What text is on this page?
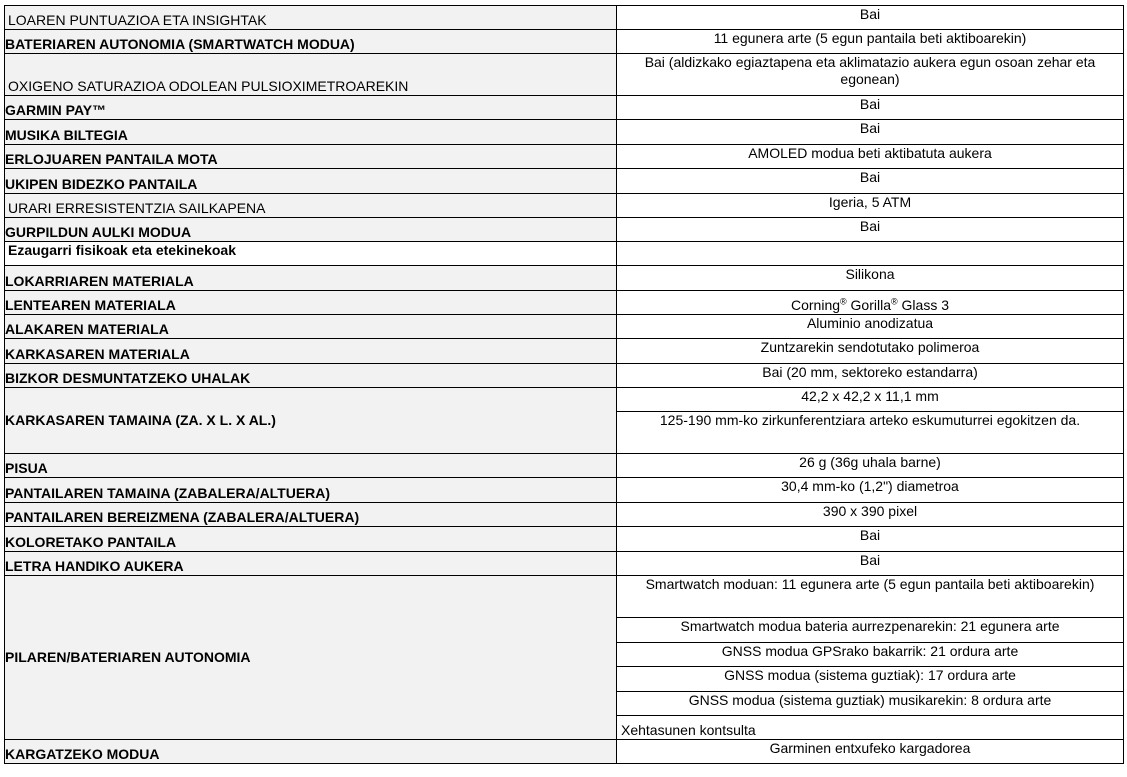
LOAREN PUNTUAZIOA ETA INSIGHTAK	Bai
BATERIAREN AUTONOMIA (SMARTWATCH MODUA)	11 egunera arte (5 egun pantaila beti aktiboarekin)
OXIGENO SATURAZIOA ODOLEAN PULSIOXIMETROAREKIN	Bai (aldizkako egiaztapena eta aklimatazio aukera egun osoan zehar eta egonean)
GARMIN PAY™	Bai
MUSIKA BILTEGIA	Bai
ERLOJUAREN PANTAILA MOTA	AMOLED modua beti aktibatuta aukera
UKIPEN BIDEZKO PANTAILA	Bai
URARI ERRESISTENTZIA SAILKAPENA	Igeria, 5 ATM
GURPILDUN AULKI MODUA	Bai
Ezaugarri fisikoak eta etekinekoak	
LOKARRIAREN MATERIALA	Silikona
LENTEAREN MATERIALA	Corning® Gorilla® Glass 3
ALAKAREN MATERIALA	Aluminio anodizatua
KARKASAREN MATERIALA	Zuntzarekin sendotutako polimeroa
BIZKOR DESMUNTATZEKO UHALAK	Bai (20 mm, sektoreko estandarra)
KARKASAREN TAMAINA (ZA. X L. X AL.)	42,2 x 42,2 x 11,1 mm
	125-190 mm-ko zirkunferentziara arteko eskumuturrei egokitzen da.
PISUA	26 g (36g uhala barne)
PANTAILAREN TAMAINA (ZABALERA/ALTUERA)	30,4 mm-ko (1,2") diametroa
PANTAILAREN BEREIZMENA (ZABALERA/ALTUERA)	390 x 390 pixel
KOLORETAKO PANTAILA	Bai
LETRA HANDIKO AUKERA	Bai
PILAREN/BATERIAREN AUTONOMIA	Smartwatch moduan: 11 egunera arte (5 egun pantaila beti aktiboarekin)
	Smartwatch modua bateria aurrezpenarekin: 21 egunera arte
	GNSS modua GPSrako bakarrik: 21 ordura arte
	GNSS modua (sistema guztiak): 17 ordura arte
	GNSS modua (sistema guztiak) musikarekin: 8 ordura arte
	Xehtasunen kontsulta
KARGATZEKO MODUA	Garminen entxufeko kargadorea
